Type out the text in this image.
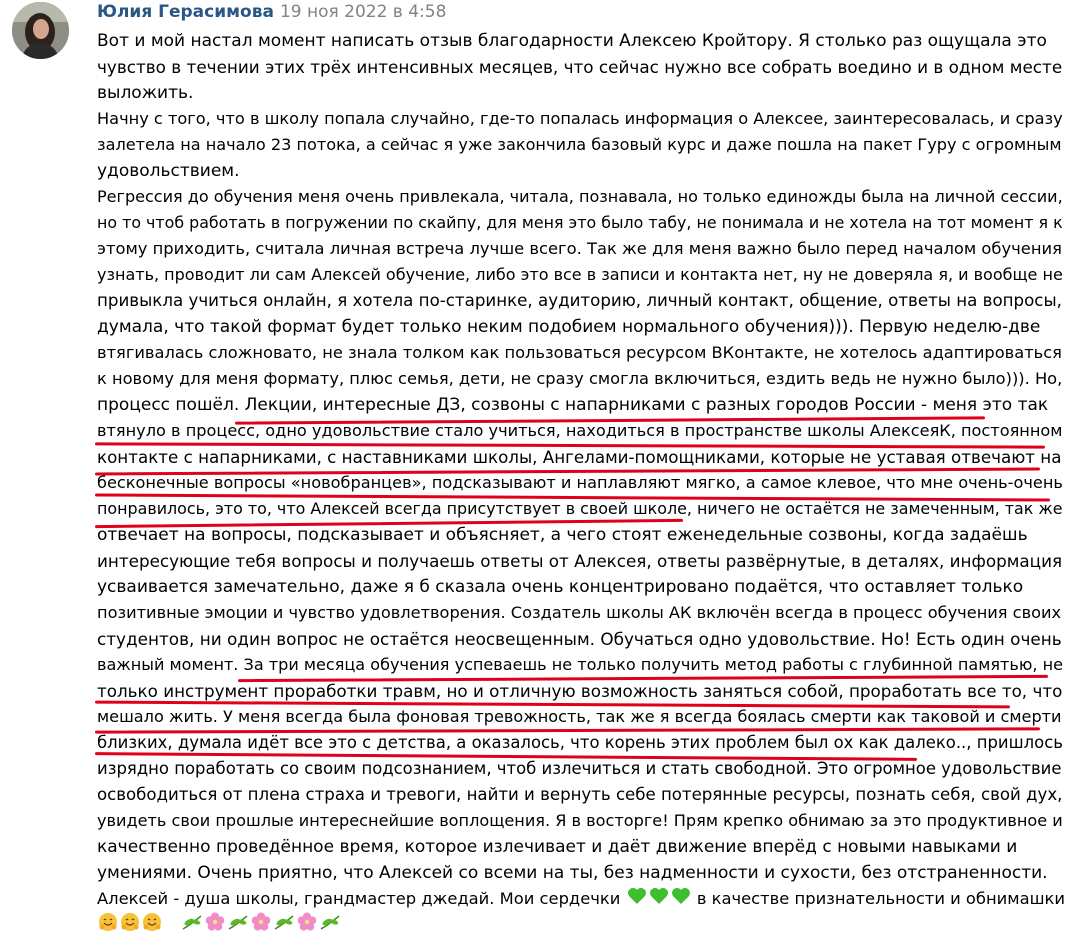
Юлия Герасимова 19 ноя 2022 в 4:58
Вот и мой настал момент написать отзыв благодарности Алексею Кройтору. Я столько раз ощущала это
чувство в течении этих трёх интенсивных месяцев, что сейчас нужно все собрать воедино и в одном месте
выложить.
Начну с того, что в школу попала случайно, где-то попалась информация о Алексее, заинтересовалась, и сразу
залетела на начало 23 потока, а сейчас я уже закончила базовый курс и даже пошла на пакет Гуру с огромным
удовольствием.
Регрессия до обучения меня очень привлекала, читала, познавала, но только единожды была на личной сессии,
но то чтоб работать в погружении по скайпу, для меня это было табу, не понимала и не хотела на тот момент я к
этому приходить, считала личная встреча лучше всего. Так же для меня важно было перед началом обучения
узнать, проводит ли сам Алексей обучение, либо это все в записи и контакта нет, ну не доверяла я, и вообще не
привыкла учиться онлайн, я хотела по-старинке, аудиторию, личный контакт, общение, ответы на вопросы,
думала, что такой формат будет только неким подобием нормального обучения))). Первую неделю-две
втягивалась сложновато, не знала толком как пользоваться ресурсом ВКонтакте, не хотелось адаптироваться
к новому для меня формату, плюс семья, дети, не сразу смогла включиться, ездить ведь не нужно было))). Но,
процесс пошёл. Лекции, интересные ДЗ, созвоны с напарниками с разных городов России - меня это так
втянуло в процесс, одно удовольствие стало учиться, находиться в пространстве школы АлексеяК, постоянном
контакте с напарниками, с наставниками школы, Ангелами-помощниками, которые не уставая отвечают на
бесконечные вопросы «новобранцев», подсказывают и наплавляют мягко, а самое клевое, что мне очень-очень
понравилось, это то, что Алексей всегда присутствует в своей школе, ничего не остаётся не замеченным, так же
отвечает на вопросы, подсказывает и объясняет, а чего стоят еженедельные созвоны, когда задаёшь
интересующие тебя вопросы и получаешь ответы от Алексея, ответы развёрнутые, в деталях, информация
усваивается замечательно, даже я б сказала очень концентрировано подаётся, что оставляет только
позитивные эмоции и чувство удовлетворения. Создатель школы АК включён всегда в процесс обучения своих
студентов, ни один вопрос не остаётся неосвещенным. Обучаться одно удовольствие. Но! Есть один очень
важный момент. За три месяца обучения успеваешь не только получить метод работы с глубинной памятью, не
только инструмент проработки травм, но и отличную возможность заняться собой, проработать все то, что
мешало жить. У меня всегда была фоновая тревожность, так же я всегда боялась смерти как таковой и смерти
близких, думала идёт все это с детства, а оказалось, что корень этих проблем был ох как далеко.., пришлось
изрядно поработать со своим подсознанием, чтоб излечиться и стать свободной. Это огромное удовольствие
освободиться от плена страха и тревоги, найти и вернуть себе потерянные ресурсы, познать себя, свой дух,
увидеть свои прошлые интереснейшие воплощения. Я в восторге! Прям крепко обнимаю за это продуктивное и
качественно проведённое время, которое излечивает и даёт движение вперёд с новыми навыками и
умениями. Очень приятно, что Алексей со всеми на ты, без надменности и сухости, без отстраненности.
Алексей - душа школы, грандмастер джедай. Мои сердечки	в качестве признательности и обнимашки
